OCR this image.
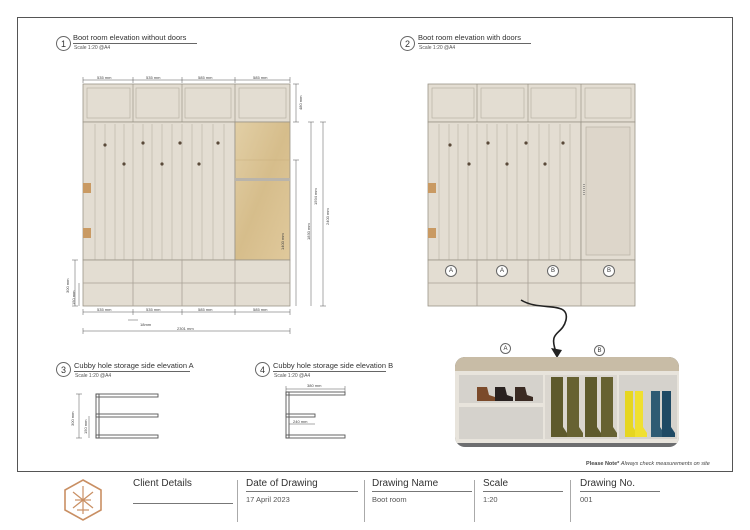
1
Boot room elevation without doors
Scale 1:20 @A4	2
Boot room elevation with doors
Scale 1:20 @A4
3	Cubby hole storage side elevation A
Scale 1:20 @A4
4	Cubby hole storage side elevation B
Scale 1:20 @A4
535 mm	535 mm	585 mm	585 mm
535 mm	535 mm	585 mm	585 mm
18mm
2301 mm
480 mm
1594 mm
2400 mm
1830 mm
1400 mm
300 mm
150 mm
A	A	B	B
A	B
300 mm
150 mm
380 mm
240 mm
Please Note* Always check measurements on site
Client Details	Date of Drawing
17 April 2023
Drawing Name
Boot room
Scale
1:20
Drawing No.
001
